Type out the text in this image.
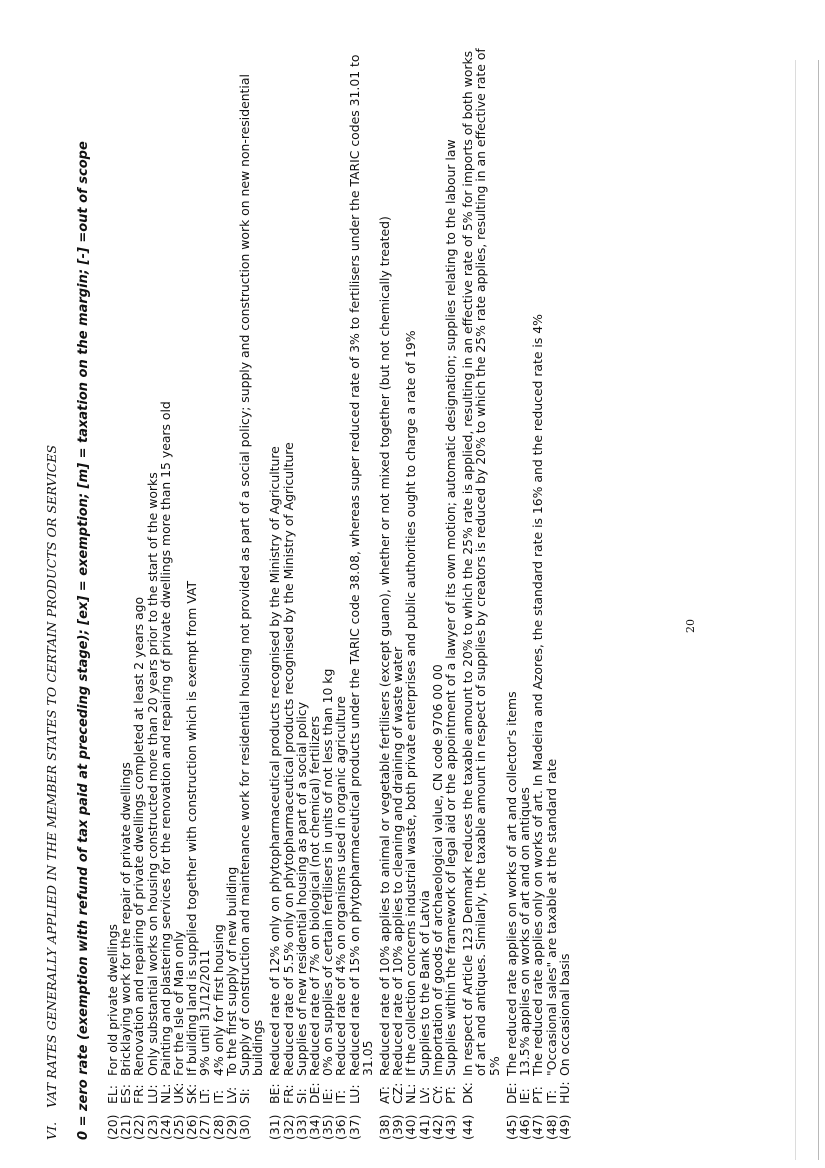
VI.VAT RATES GENERALLY APPLIED IN THE MEMBER STATES TO CERTAIN PRODUCTS OR SERVICES 0 = zero rate (exemption with refund of tax paid at preceding stage); [ex] = exemption; [m] = taxation on the margin; [-] =out of scope (20)
EL:
For old private dwellings
(21)
ES:
Bricklaying work for the repair of private dwellings
(22)
FR:
Renovation and repairing of private dwellings completed at least 2 years ago
(23)
LU:
Only substantial works on housing constructed more than 20 years prior to the start of the works
(24)
NL:
Painting and plastering services for the renovation and repairing of private dwellings more than 15 years old
(25)
UK:
For the Isle of Man only
(26)
SK:
If building land is supplied together with construction which is exempt from VAT
(27)
LT:
9% until 31/12/2011
(28)
IT:
4% only for first housing
(29)
LV:
To the first supply of new building
(30)
SI:
Supply of construction and maintenance work for residential housing not provided as part of a social policy; supply and construction work on new non-residential buildings
(31)
BE:
Reduced rate of 12% only on phytopharmaceutical products recognised by the Ministry of Agriculture
(32)
FR:
Reduced rate of 5.5% only on phytopharmaceutical products recognised by the Ministry of Agriculture
(33)
SI:
Supplies of new residential housing as part of a social policy
(34)
DE:
Reduced rate of 7% on biological (not chemical) fertilizers
(35)
IE:
0% on supplies of certain fertilisers in units of not less than 10 kg
(36)
IT:
Reduced rate of 4% on organisms used in organic agriculture
(37)
LU:
Reduced rate of 15% on phytopharmaceutical products under the TARIC code 38.08, whereas super reduced rate of 3% to fertilisers under the TARIC codes 31.01 to 31.05
(38)
AT:
Reduced rate of 10% applies to animal or vegetable fertilisers (except guano), whether or not mixed together (but not chemically treated)
(39)
CZ:
Reduced rate of 10% applies to cleaning and draining of waste water
(40)
NL:
If the collection concerns industrial waste, both private enterprises and public authorities ought to charge a rate of 19%
(41)
LV:
Supplies to the Bank of Latvia
(42)
CY:
Importation of goods of archaeological value, CN code 9706 00 00
(43)
PT:
Supplies within the framework of legal aid or the appointment of a lawyer of its own motion; automatic designation; supplies relating to the labour law
(44)
DK:
In respect of Article 123 Denmark reduces the taxable amount to 20% to which the 25% rate is applied, resulting in an effective rate of 5% for imports of both works of art and antiques. Similarly, the taxable amount in respect of supplies by creators is reduced by 20% to which the 25% rate applies, resulting in an effective rate of 5%
(45)
DE:
The reduced rate applies on works of art and collector's items
(46)
IE:
13.5% applies on works of art and on antiques
(47)
PT:
The reduced rate applies only on works of art. In Madeira and Azores, the standard rate is 16% and the reduced rate is 4%
(48)
IT:
"Occasional sales" are taxable at the standard rate
(49)
HU:
On occasional basis
20
